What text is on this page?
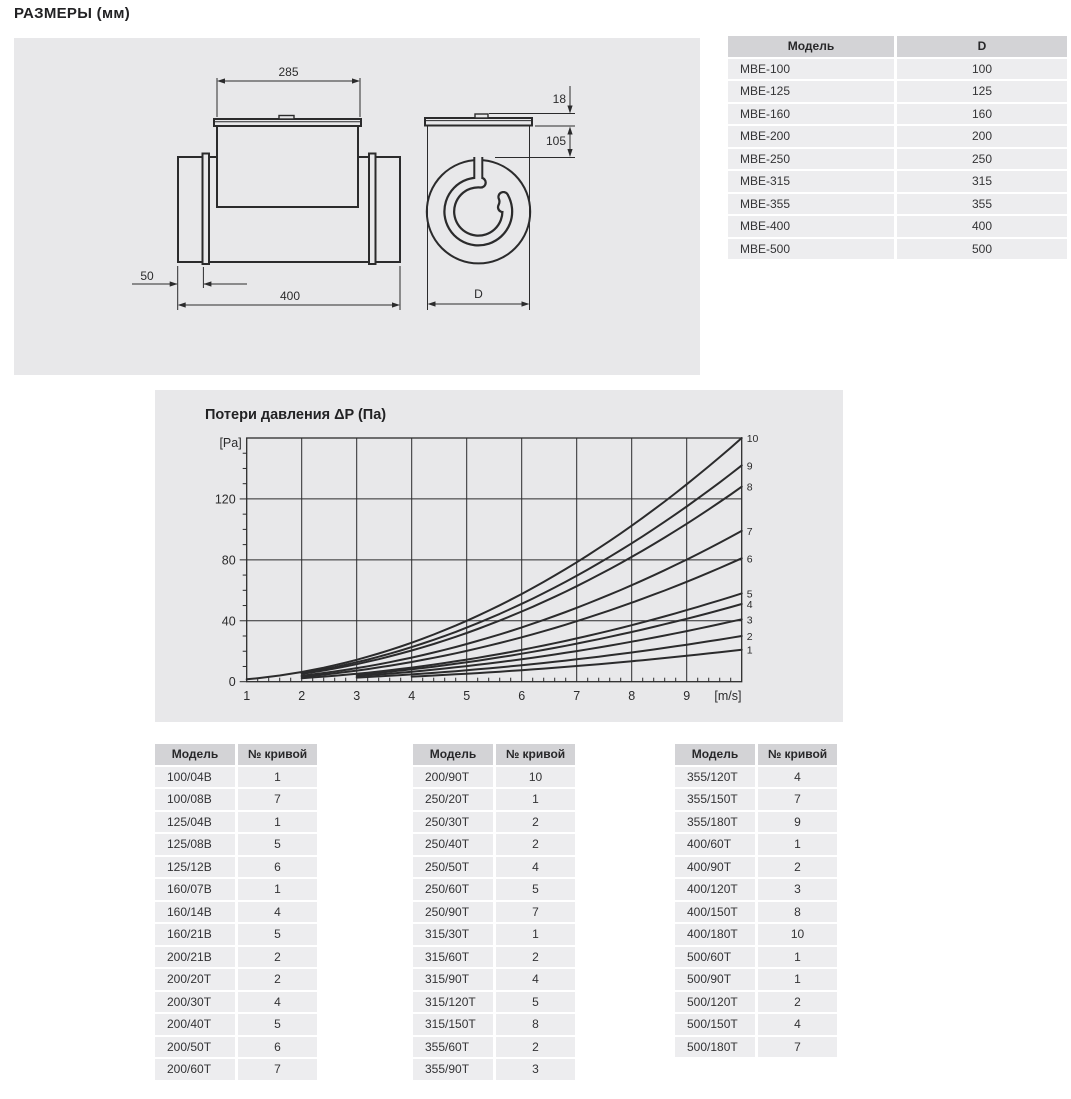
РАЗМЕРЫ (мм)
285
50
400
18
105
D
Модель	D
MBE-100	100
MBE-125	125
MBE-160	160
MBE-200	200
MBE-250	250
MBE-315	315
MBE-355	355
MBE-400	400
MBE-500	500
Потери давления ΔP (Па)
1	2	3	4	5	6	7	8	9 [m/s]
0
40
80
120
[Pa]
1
2
3
4
5
6
7
8
9
10
Модель	№ кривой
100/04B	1
100/08B	7
125/04B	1
125/08B	5
125/12B	6
160/07B	1
160/14B	4
160/21B	5
200/21B	2
200/20T	2
200/30T	4
200/40T	5
200/50T	6
200/60T	7
Модель	№ кривой
200/90T	10
250/20T	1
250/30T	2
250/40T	2
250/50T	4
250/60T	5
250/90T	7
315/30T	1
315/60T	2
315/90T	4
315/120T	5
315/150T	8
355/60T	2
355/90T	3
Модель	№ кривой
355/120T	4
355/150T	7
355/180T	9
400/60T	1
400/90T	2
400/120T	3
400/150T	8
400/180T	10
500/60T	1
500/90T	1
500/120T	2
500/150T	4
500/180T	7
